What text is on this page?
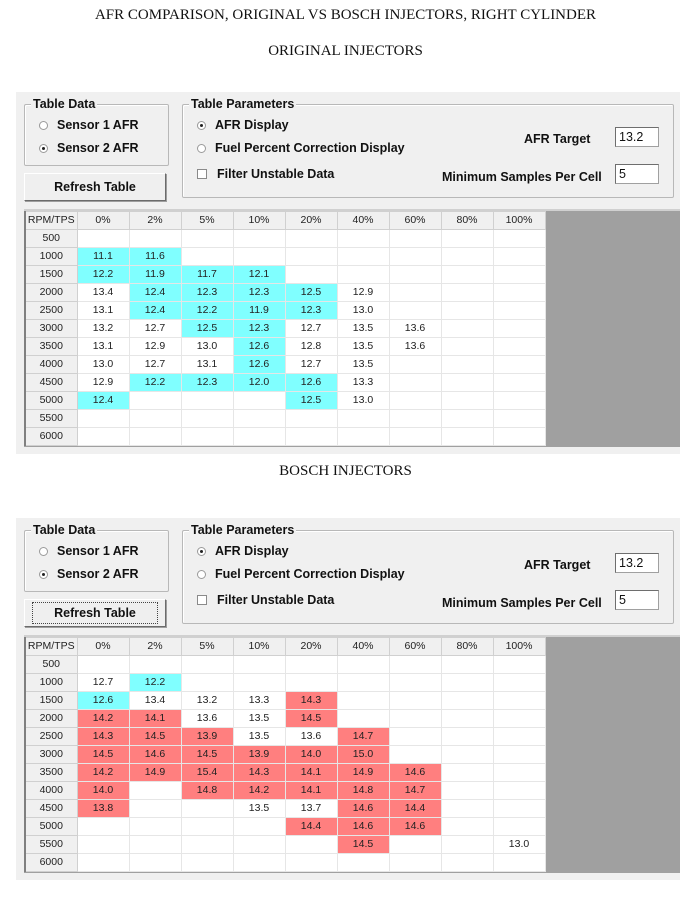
AFR COMPARISON, ORIGINAL VS BOSCH INJECTORS, RIGHT CYLINDER
ORIGINAL INJECTORS
BOSCH INJECTORS
Table Data
Sensor 1 AFR
Sensor 2 AFR
Refresh Table
Table Parameters
AFR Display
Fuel Percent Correction Display
Filter Unstable Data
AFR Target	13.2
Minimum Samples Per Cell	5
RPM/TPS	0%	2%	5%	10%	20%	40%	60%	80%	100%
500									
1000	11.1	11.6							
1500	12.2	11.9	11.7	12.1					
2000	13.4	12.4	12.3	12.3	12.5	12.9			
2500	13.1	12.4	12.2	11.9	12.3	13.0			
3000	13.2	12.7	12.5	12.3	12.7	13.5	13.6		
3500	13.1	12.9	13.0	12.6	12.8	13.5	13.6		
4000	13.0	12.7	13.1	12.6	12.7	13.5			
4500	12.9	12.2	12.3	12.0	12.6	13.3			
5000	12.4				12.5	13.0			
5500									
6000									
Table Data
Sensor 1 AFR
Sensor 2 AFR
Refresh Table
Table Parameters
AFR Display
Fuel Percent Correction Display
Filter Unstable Data
AFR Target	13.2
Minimum Samples Per Cell	5
RPM/TPS	0%	2%	5%	10%	20%	40%	60%	80%	100%
500									
1000	12.7	12.2							
1500	12.6	13.4	13.2	13.3	14.3				
2000	14.2	14.1	13.6	13.5	14.5				
2500	14.3	14.5	13.9	13.5	13.6	14.7			
3000	14.5	14.6	14.5	13.9	14.0	15.0			
3500	14.2	14.9	15.4	14.3	14.1	14.9	14.6		
4000	14.0		14.8	14.2	14.1	14.8	14.7		
4500	13.8			13.5	13.7	14.6	14.4		
5000					14.4	14.6	14.6		
5500						14.5			13.0
6000									
